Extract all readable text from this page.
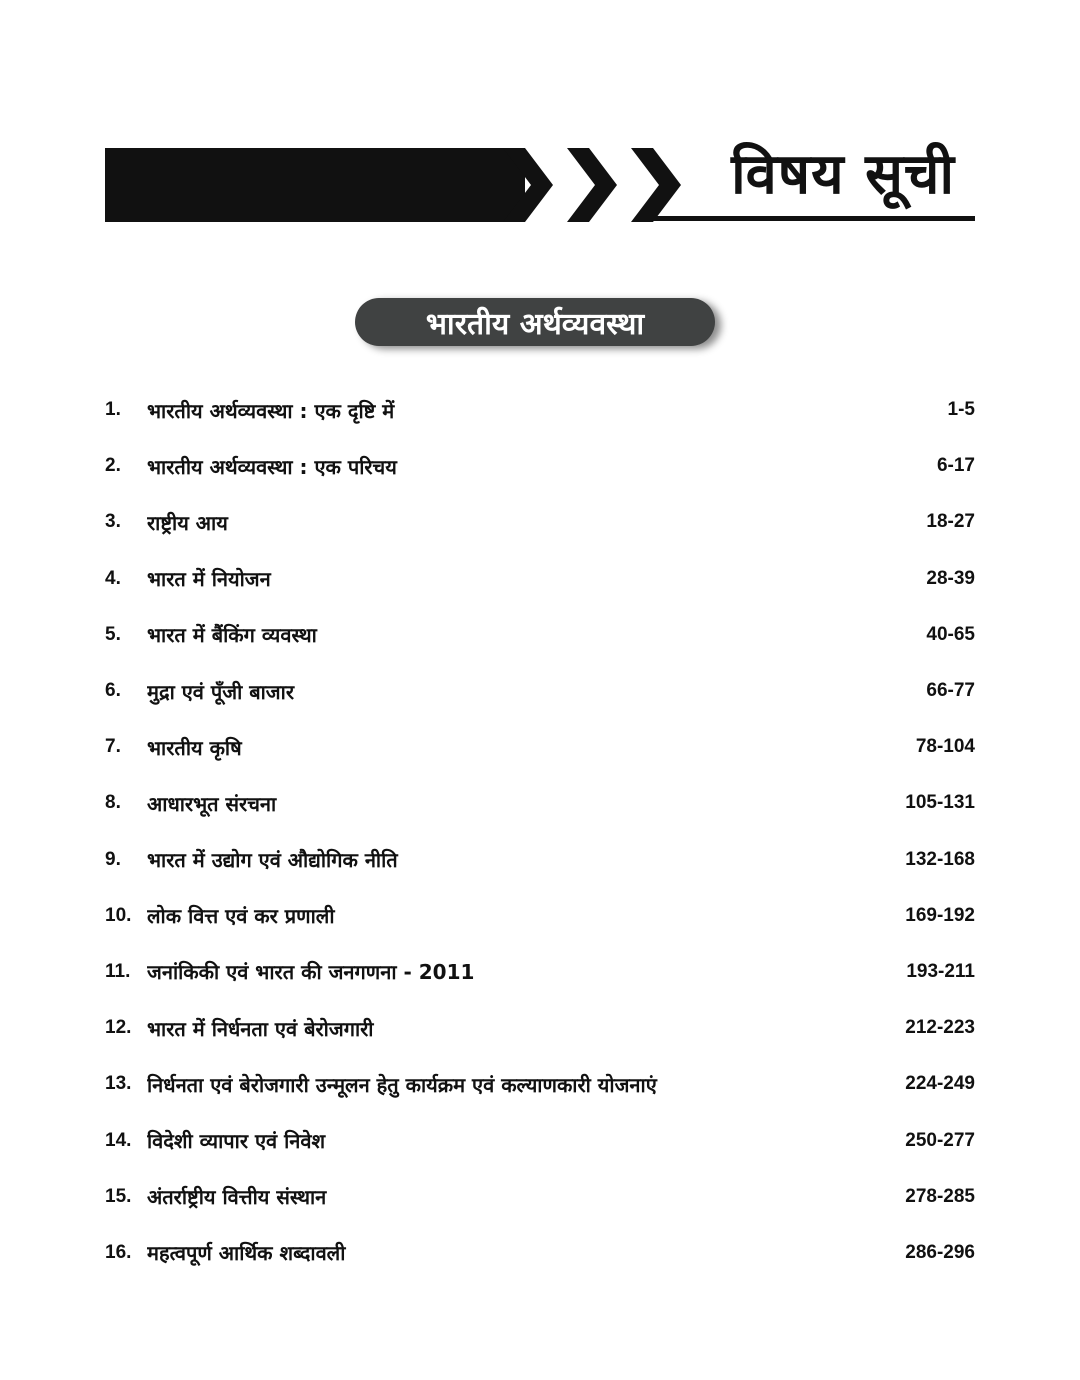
विषय सूची
भारतीय अर्थव्यवस्था
1.	भारतीय अर्थव्यवस्था : एक दृष्टि में	1-5
2.	भारतीय अर्थव्यवस्था : एक परिचय	6-17
3.	राष्ट्रीय आय	18-27
4.	भारत में नियोजन	28-39
5.	भारत में बैंकिंग व्यवस्था	40-65
6.	मुद्रा एवं पूँजी बाजार	66-77
7.	भारतीय कृषि	78-104
8.	आधारभूत संरचना	105-131
9.	भारत में उद्योग एवं औद्योगिक नीति	132-168
10. लोक वित्त एवं कर प्रणाली	169-192
11. जनांकिकी एवं भारत की जनगणना - 2011	193-211
12. भारत में निर्धनता एवं बेरोजगारी	212-223
13. निर्धनता एवं बेरोजगारी उन्मूलन हेतु कार्यक्रम एवं कल्याणकारी योजनाएं	224-249
14. विदेशी व्यापार एवं निवेश	250-277
15. अंतर्राष्ट्रीय वित्तीय संस्थान	278-285
16. महत्वपूर्ण आर्थिक शब्दावली	286-296
